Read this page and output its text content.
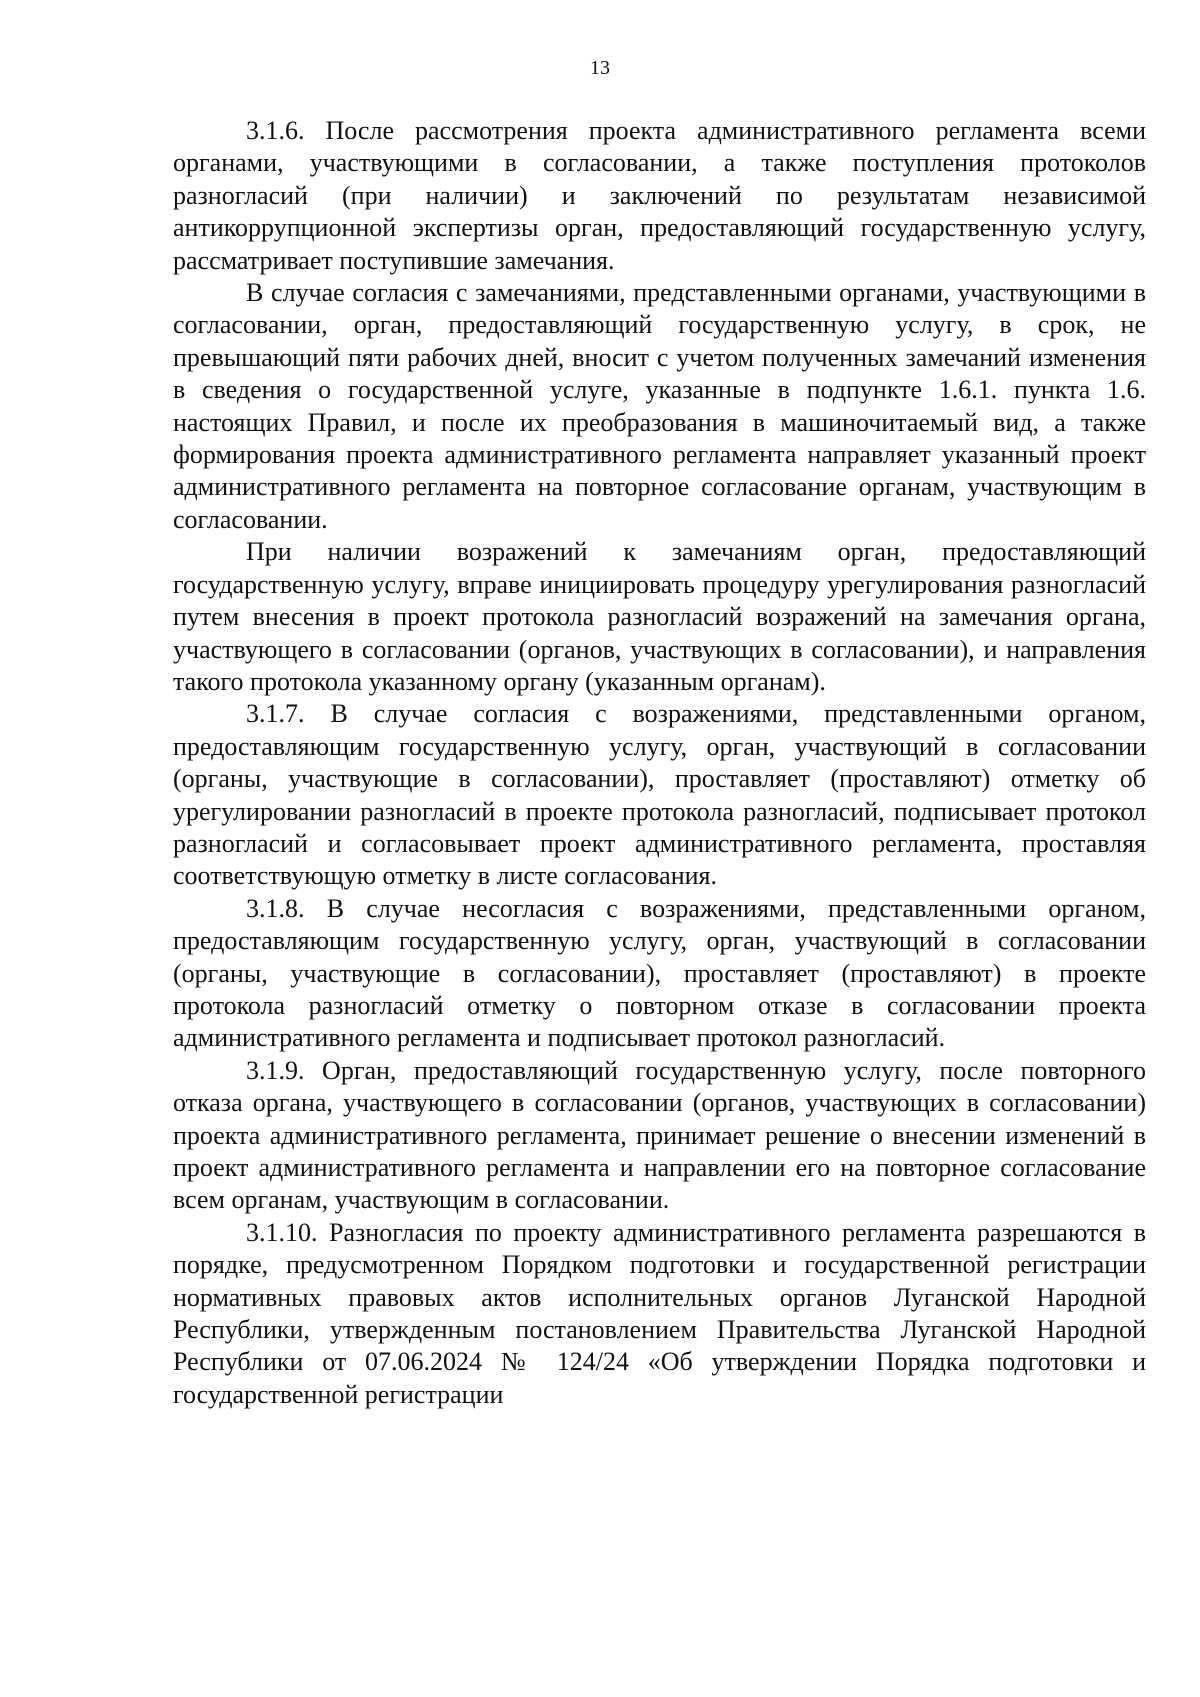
13

3.1.6. После рассмотрения проекта административного регламента всеми органами, участвующими в согласовании, а также поступления протоколов разногласий (при наличии) и заключений по результатам независимой антикоррупционной экспертизы орган, предоставляющий государственную услугу, рассматривает поступившие замечания.

В случае согласия с замечаниями, представленными органами, участвующими в согласовании, орган, предоставляющий государственную услугу, в срок, не превышающий пяти рабочих дней, вносит с учетом полученных замечаний изменения в сведения о государственной услуге, указанные в подпункте 1.6.1. пункта 1.6. настоящих Правил, и после их преобразования в машиночитаемый вид, а также формирования проекта административного регламента направляет указанный проект административного регламента на повторное согласование органам, участвующим в согласовании.

При наличии возражений к замечаниям орган, предоставляющий государственную услугу, вправе инициировать процедуру урегулирования разногласий путем внесения в проект протокола разногласий возражений на замечания органа, участвующего в согласовании (органов, участвующих в согласовании), и направления такого протокола указанному органу (указанным органам).

3.1.7. В случае согласия с возражениями, представленными органом, предоставляющим государственную услугу, орган, участвующий в согласовании (органы, участвующие в согласовании), проставляет (проставляют) отметку об урегулировании разногласий в проекте протокола разногласий, подписывает протокол разногласий и согласовывает проект административного регламента, проставляя соответствующую отметку в листе согласования.

3.1.8. В случае несогласия с возражениями, представленными органом, предоставляющим государственную услугу, орган, участвующий в согласовании (органы, участвующие в согласовании), проставляет (проставляют) в проекте протокола разногласий отметку о повторном отказе в согласовании проекта административного регламента и подписывает протокол разногласий.

3.1.9. Орган, предоставляющий государственную услугу, после повторного отказа органа, участвующего в согласовании (органов, участвующих в согласовании) проекта административного регламента, принимает решение о внесении изменений в проект административного регламента и направлении его на повторное согласование всем органам, участвующим в согласовании.

3.1.10. Разногласия по проекту административного регламента разрешаются в порядке, предусмотренном Порядком подготовки и государственной регистрации нормативных правовых актов исполнительных органов Луганской Народной Республики, утвержденным постановлением Правительства Луганской Народной Республики от 07.06.2024 № 124/24 «Об утверждении Порядка подготовки и государственной регистрации
